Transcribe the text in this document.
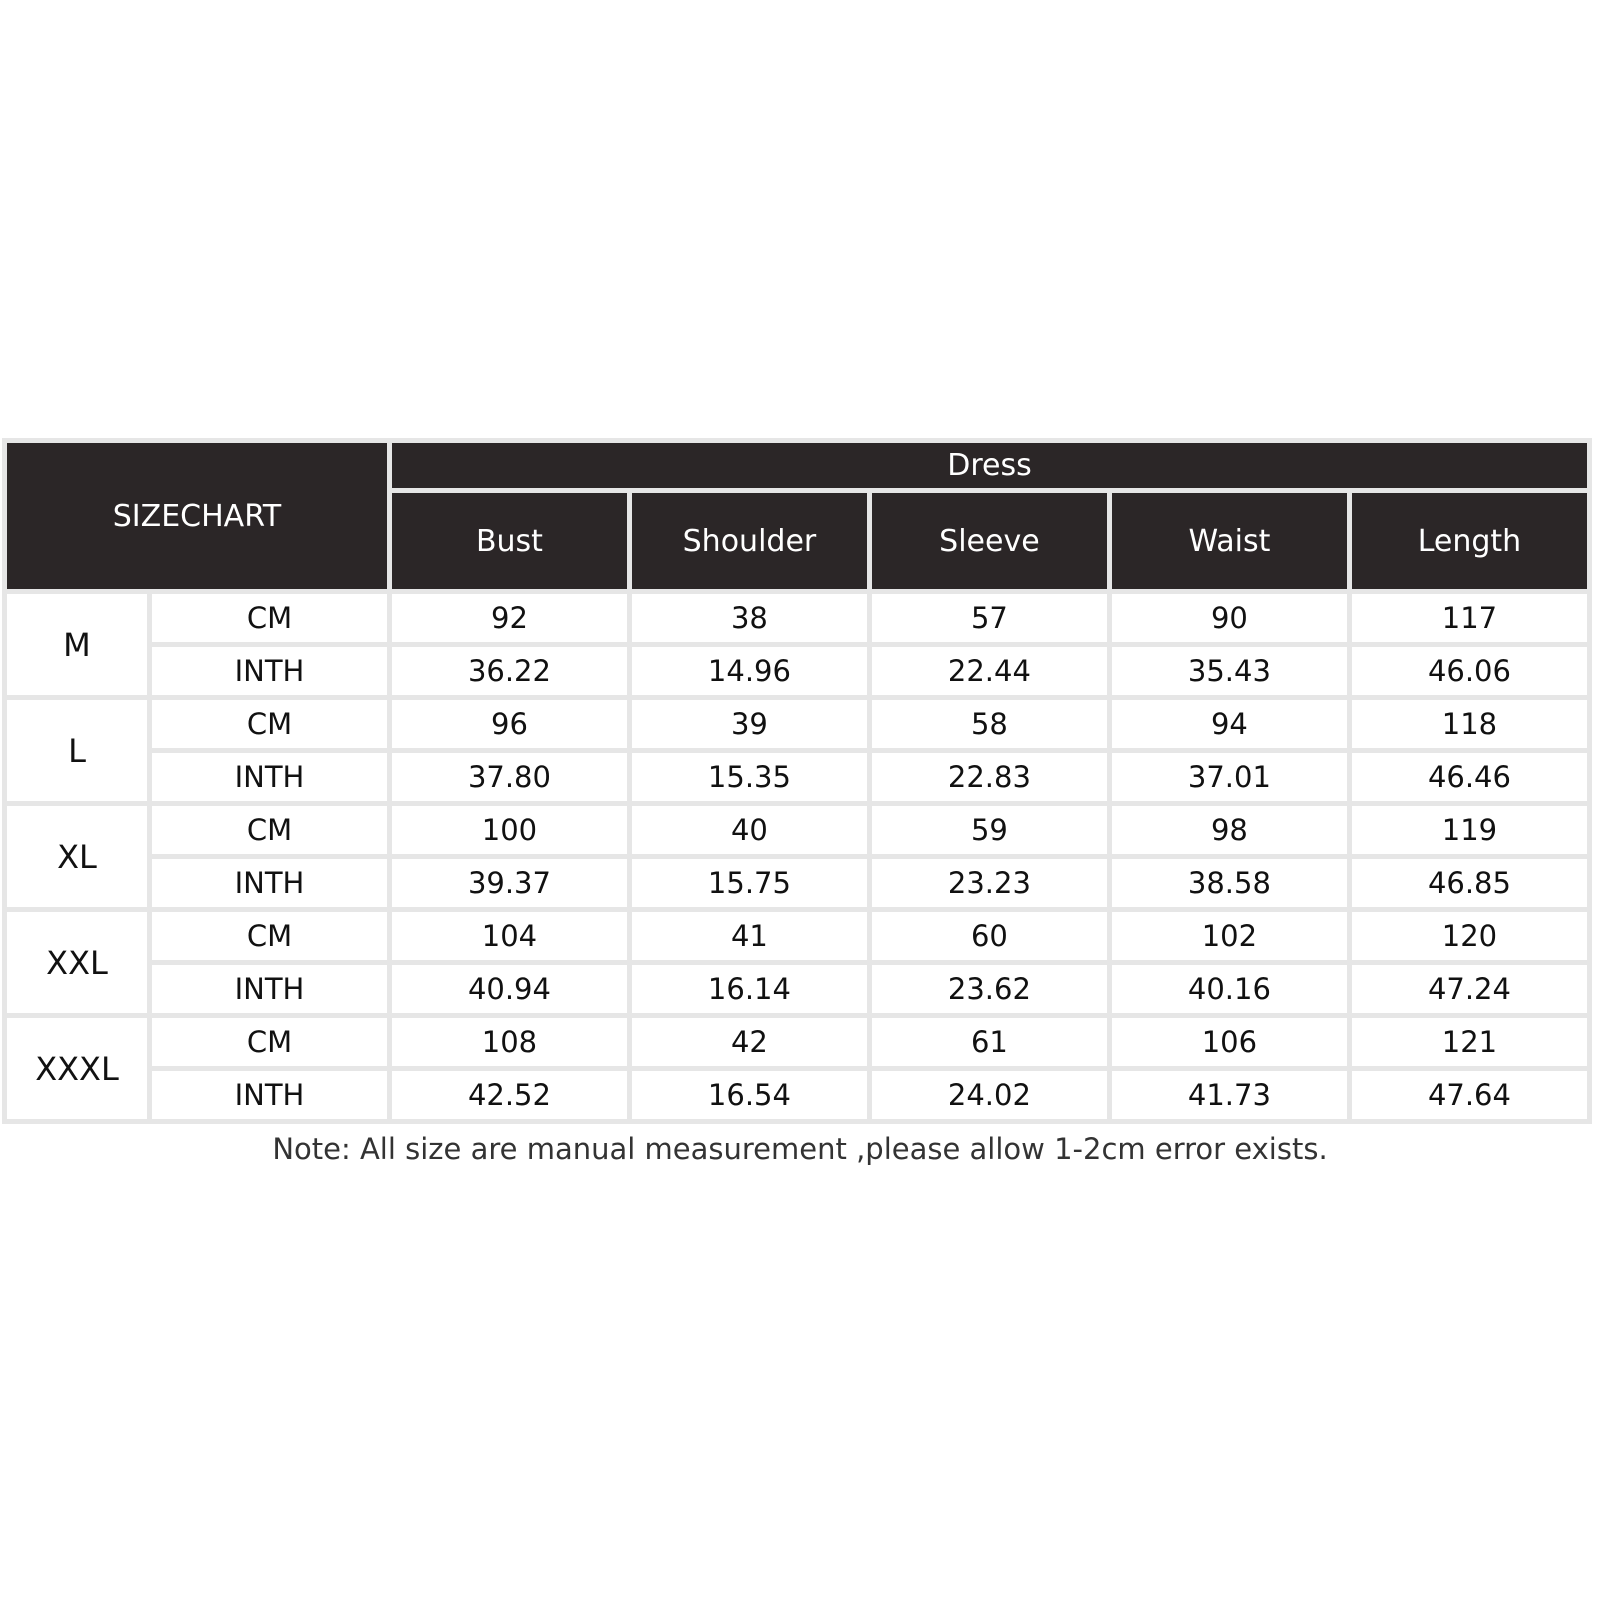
SIZECHART		Dress				
		Bust	Shoulder	Sleeve	Waist	Length
M	CM	92	38	57	90	117
	INTH	36.22	14.96	22.44	35.43	46.06
L	CM	96	39	58	94	118
	INTH	37.80	15.35	22.83	37.01	46.46
XL	CM	100	40	59	98	119
	INTH	39.37	15.75	23.23	38.58	46.85
XXL	CM	104	41	60	102	120
	INTH	40.94	16.14	23.62	40.16	47.24
XXXL	CM	108	42	61	106	121
	INTH	42.52	16.54	24.02	41.73	47.64
Note: All size are manual measurement ,please allow 1-2cm error exists.
